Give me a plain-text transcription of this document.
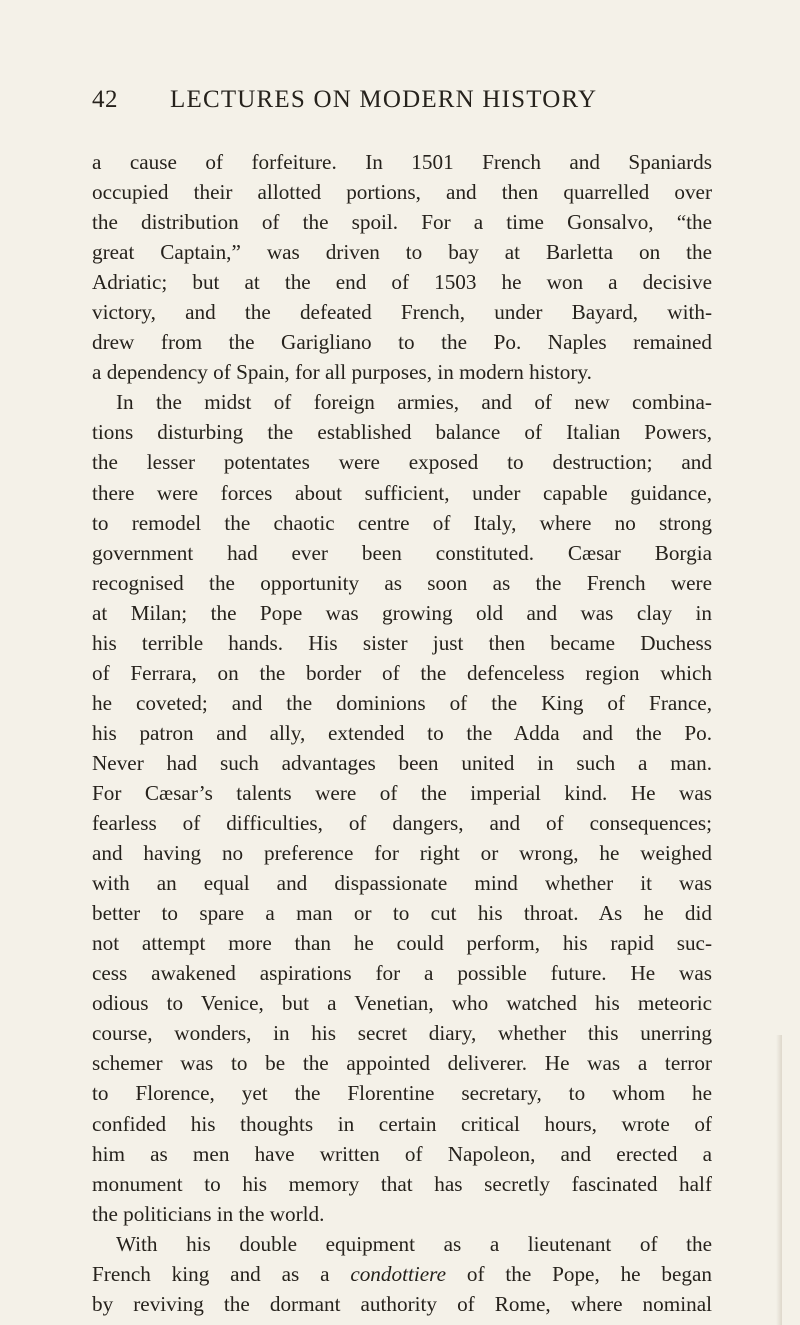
42 LECTURES ON MODERN HISTORY
a cause of forfeiture. In 1501 French and Spaniards
occupied their allotted portions, and then quarrelled over
the distribution of the spoil. For a time Gonsalvo, “the
great Captain,” was driven to bay at Barletta on the
Adriatic; but at the end of 1503 he won a decisive
victory, and the defeated French, under Bayard, with-
drew from the Garigliano to the Po. Naples remained
a dependency of Spain, for all purposes, in modern history.
In the midst of foreign armies, and of new combina-
tions disturbing the established balance of Italian Powers,
the lesser potentates were exposed to destruction; and
there were forces about sufficient, under capable guidance,
to remodel the chaotic centre of Italy, where no strong
government had ever been constituted. Cæsar Borgia
recognised the opportunity as soon as the French were
at Milan; the Pope was growing old and was clay in
his terrible hands. His sister just then became Duchess
of Ferrara, on the border of the defenceless region which
he coveted; and the dominions of the King of France,
his patron and ally, extended to the Adda and the Po.
Never had such advantages been united in such a man.
For Cæsar’s talents were of the imperial kind. He was
fearless of difficulties, of dangers, and of consequences;
and having no preference for right or wrong, he weighed
with an equal and dispassionate mind whether it was
better to spare a man or to cut his throat. As he did
not attempt more than he could perform, his rapid suc-
cess awakened aspirations for a possible future. He was
odious to Venice, but a Venetian, who watched his meteoric
course, wonders, in his secret diary, whether this unerring
schemer was to be the appointed deliverer. He was a terror
to Florence, yet the Florentine secretary, to whom he
confided his thoughts in certain critical hours, wrote of
him as men have written of Napoleon, and erected a
monument to his memory that has secretly fascinated half
the politicians in the world.
With his double equipment as a lieutenant of the
French king and as a condottiere of the Pope, he began
by reviving the dormant authority of Rome, where nominal
